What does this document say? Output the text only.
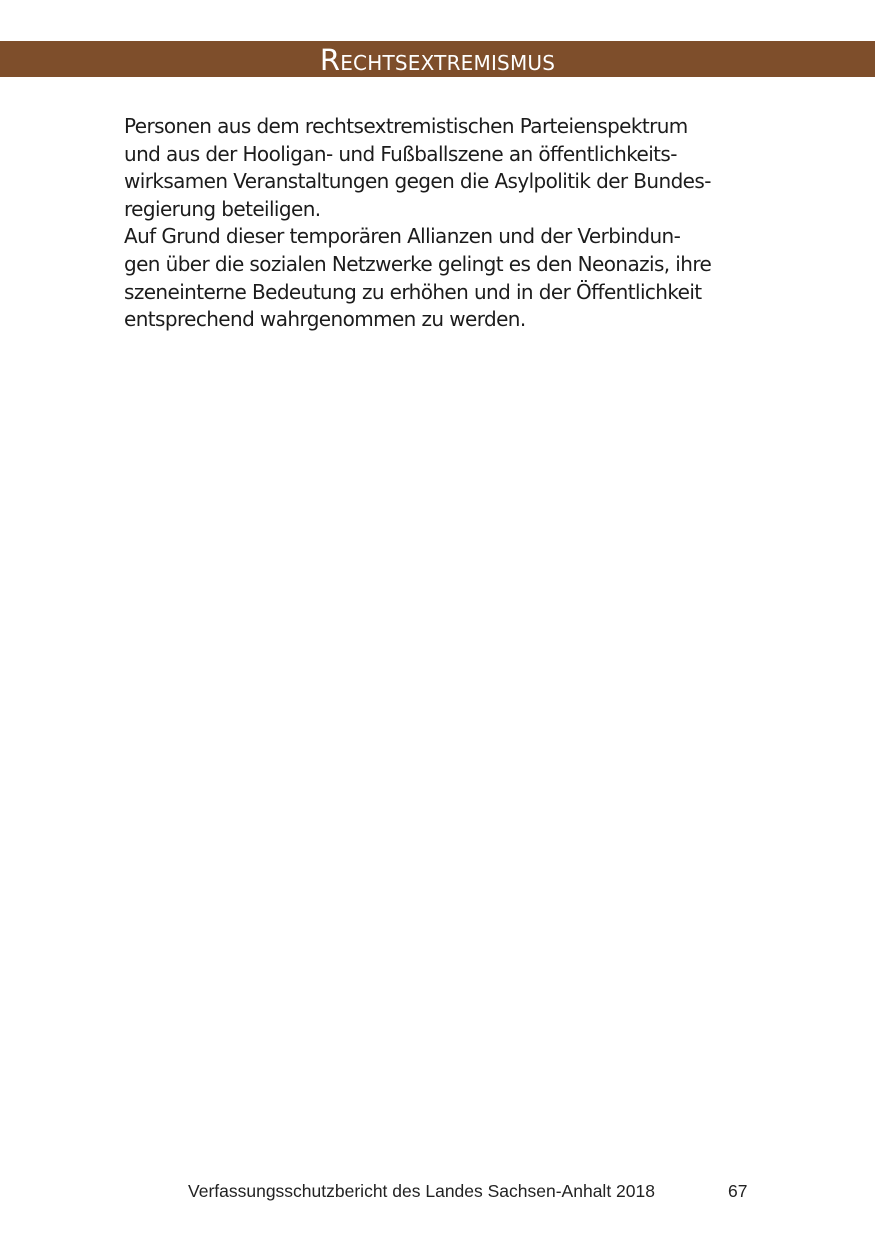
Rechtsextremismus
Personen aus dem rechtsextremistischen Parteienspektrum
und aus der Hooligan- und Fußballszene an öffentlichkeits-
wirksamen Veranstaltungen gegen die Asylpolitik der Bundes-
regierung beteiligen.
Auf Grund dieser temporären Allianzen und der Verbindun-
gen über die sozialen Netzwerke gelingt es den Neonazis, ihre
szeneinterne Bedeutung zu erhöhen und in der Öffentlichkeit
entsprechend wahrgenommen zu werden.
Verfassungsschutzbericht des Landes Sachsen-Anhalt 2018	67
